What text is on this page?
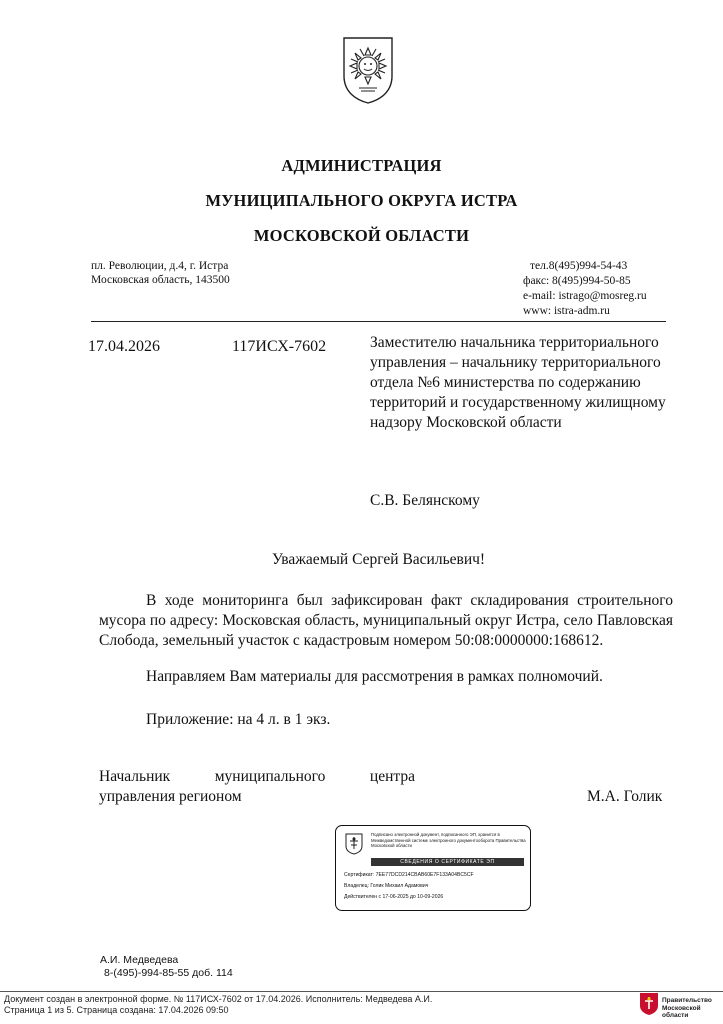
АДМИНИСТРАЦИЯ
МУНИЦИПАЛЬНОГО ОКРУГА ИСТРА
МОСКОВСКОЙ ОБЛАСТИ
пл. Революции, д.4, г. Истра
Московская область, 143500
тел.8(495)994-54-43
факс: 8(495)994-50-85
e-mail: istrago@mosreg.ru
www: istra-adm.ru
17.04.2026	117ИСХ-7602	Заместителю начальника территориального управления – начальнику территориального отдела №6 министерства по содержанию территорий и государственному жилищному надзору Московской области
С.В. Белянскому
Уважаемый Сергей Васильевич!
В ходе мониторинга был зафиксирован факт складирования строительного мусора по адресу: Московская область, муниципальный округ Истра, село Павловская Слобода, земельный участок с кадастровым номером 50:08:0000000:168612.
Направляем Вам материалы для рассмотрения в рамках полномочий.
Приложение: на 4 л. в 1 экз.
Начальник муниципального центра
управления регионом	М.А. Голик
Подписано электронной документ, подписанного ЭП, хранится в Межведомственной системе электронного документооборота Правительства Московской области
СВЕДЕНИЯ О СЕРТИФИКАТЕ ЭП
Сертификат: 7EE77DCD214CBAB60E7F133A04BC5CF
Владелец: Голик Михаил Адамович
Действителен с 17-06-2025 до 10-09-2026
А.И. Медведева
8-(495)-994-85-55 доб. 114
Документ создан в электронной форме. № 117ИСХ-7602 от 17.04.2026. Исполнитель: Медведева А.И.
Страница 1 из 5. Страница создана: 17.04.2026 09:50
Правительство
Московской области
